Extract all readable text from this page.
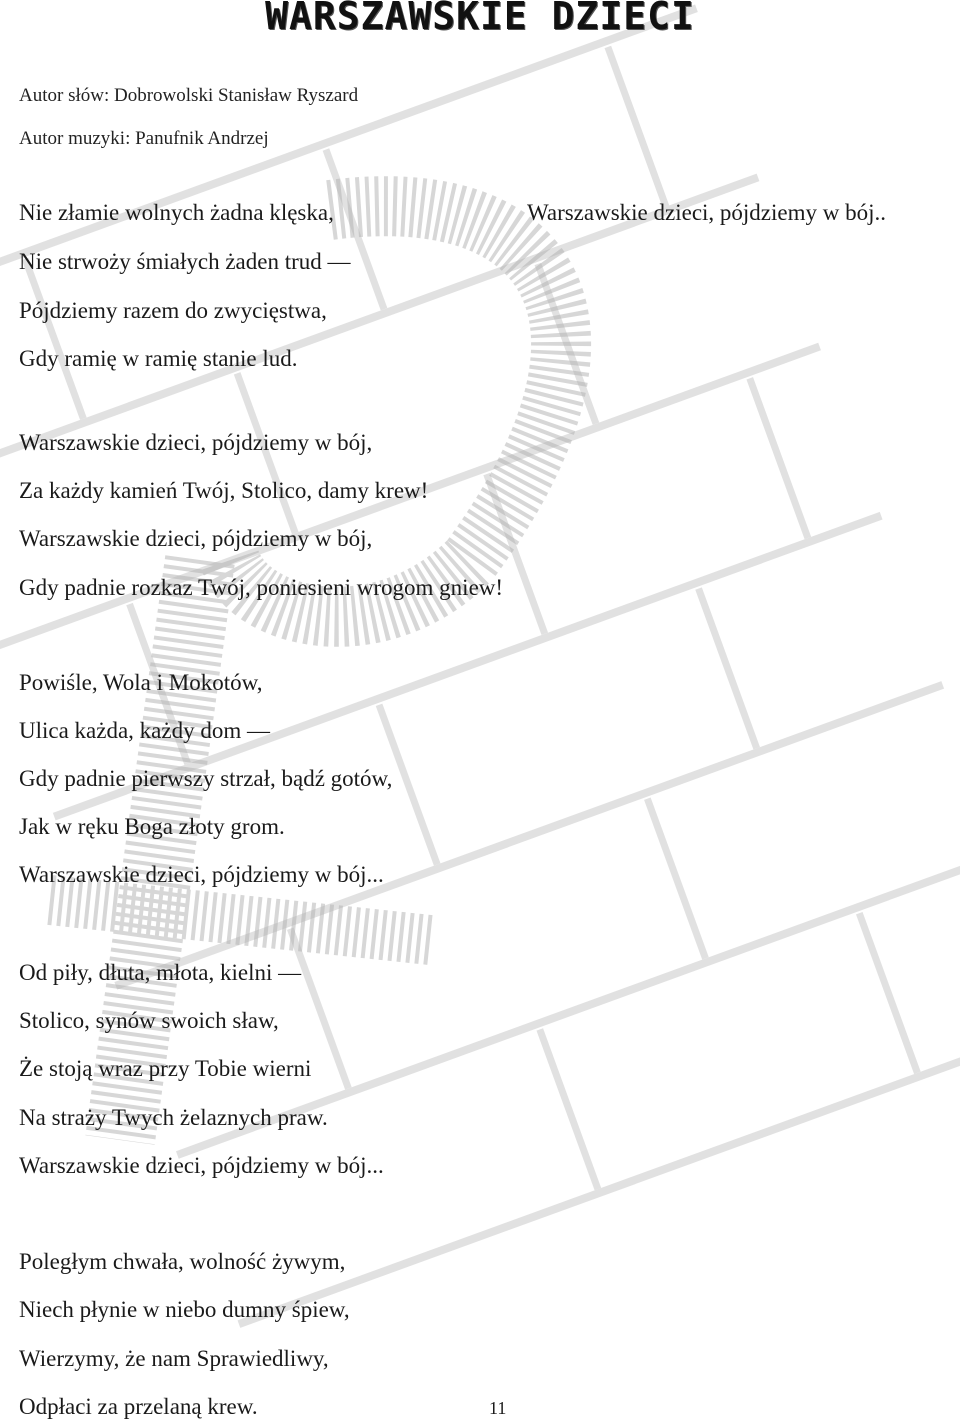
WARSZAWSKIE DZIECI
Autor słów: Dobrowolski Stanisław Ryszard
Autor muzyki: Panufnik Andrzej
Nie złamie wolnych żadna klęska,	Warszawskie dzieci, pójdziemy w bój..
Nie strwoży śmiałych żaden trud —
Pójdziemy razem do zwycięstwa,
Gdy ramię w ramię stanie lud.
Warszawskie dzieci, pójdziemy w bój,
Za każdy kamień Twój, Stolico, damy krew!
Warszawskie dzieci, pójdziemy w bój,
Gdy padnie rozkaz Twój, poniesieni wrogom gniew!
Powiśle, Wola i Mokotów,
Ulica każda, każdy dom —
Gdy padnie pierwszy strzał, bądź gotów,
Jak w ręku Boga złoty grom.
Warszawskie dzieci, pójdziemy w bój...
Od piły, dłuta, młota, kielni —
Stolico, synów swoich sław,
Że stoją wraz przy Tobie wierni
Na straży Twych żelaznych praw.
Warszawskie dzieci, pójdziemy w bój...
Poległym chwała, wolność żywym,
Niech płynie w niebo dumny śpiew,
Wierzymy, że nam Sprawiedliwy,
Odpłaci za przelaną krew.	11
